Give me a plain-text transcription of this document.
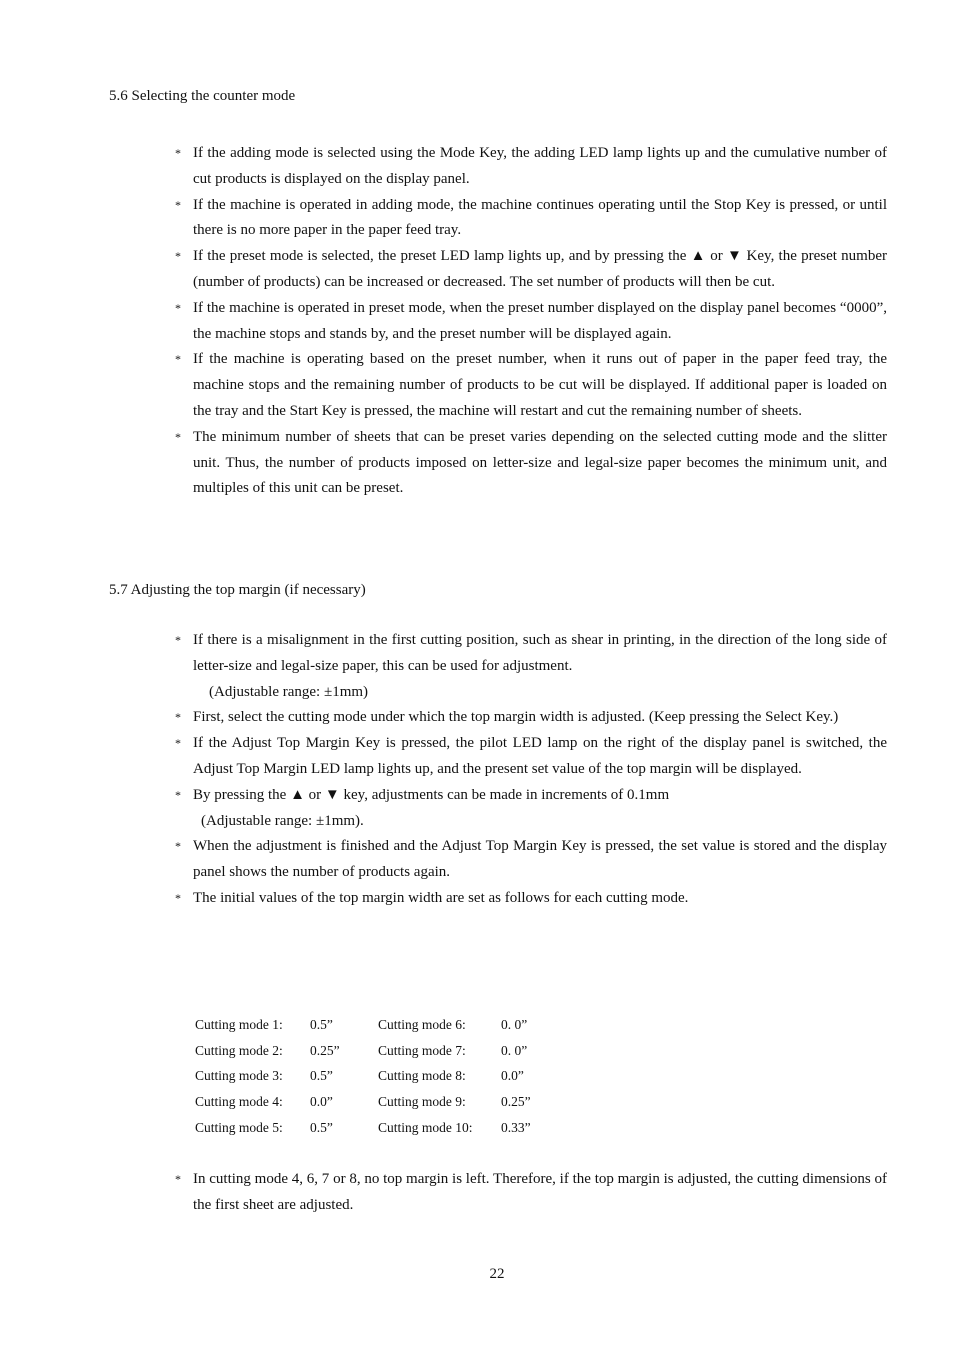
5.6 Selecting the counter mode
* If the adding mode is selected using the Mode Key, the adding LED lamp lights up and the cumulative number of cut products is displayed on the display panel.
* If the machine is operated in adding mode, the machine continues operating until the Stop Key is pressed, or until there is no more paper in the paper feed tray.
* If the preset mode is selected, the preset LED lamp lights up, and by pressing the ▲ or ▼ Key, the preset number (number of products) can be increased or decreased. The set number of products will then be cut.
* If the machine is operated in preset mode, when the preset number displayed on the display panel becomes “0000”, the machine stops and stands by, and the preset number will be displayed again.
* If the machine is operating based on the preset number, when it runs out of paper in the paper feed tray, the machine stops and the remaining number of products to be cut will be displayed. If additional paper is loaded on the tray and the Start Key is pressed, the machine will restart and cut the remaining number of sheets.
* The minimum number of sheets that can be preset varies depending on the selected cutting mode and the slitter unit. Thus, the number of products imposed on letter-size and legal-size paper becomes the minimum unit, and multiples of this unit can be preset.
5.7 Adjusting the top margin (if necessary)
* If there is a misalignment in the first cutting position, such as shear in printing, in the direction of the long side of letter-size and legal-size paper, this can be used for adjustment.
(Adjustable range: ±1mm)
* First, select the cutting mode under which the top margin width is adjusted. (Keep pressing the Select Key.)
* If the Adjust Top Margin Key is pressed, the pilot LED lamp on the right of the display panel is switched, the Adjust Top Margin LED lamp lights up, and the present set value of the top margin will be displayed.
* By pressing the ▲ or ▼ key, adjustments can be made in increments of 0.1mm
(Adjustable range: ±1mm).
* When the adjustment is finished and the Adjust Top Margin Key is pressed, the set value is stored and the display panel shows the number of products again.
* The initial values of the top margin width are set as follows for each cutting mode.
Cutting mode 1:	0.5”	Cutting mode 6:	0. 0”
Cutting mode 2:	0.25”	Cutting mode 7:	0. 0”
Cutting mode 3:	0.5”	Cutting mode 8:	0.0”
Cutting mode 4:	0.0”	Cutting mode 9:	0.25”
Cutting mode 5:	0.5”	Cutting mode 10:	0.33”
* In cutting mode 4, 6, 7 or 8, no top margin is left. Therefore, if the top margin is adjusted, the cutting dimensions of the first sheet are adjusted.
22
